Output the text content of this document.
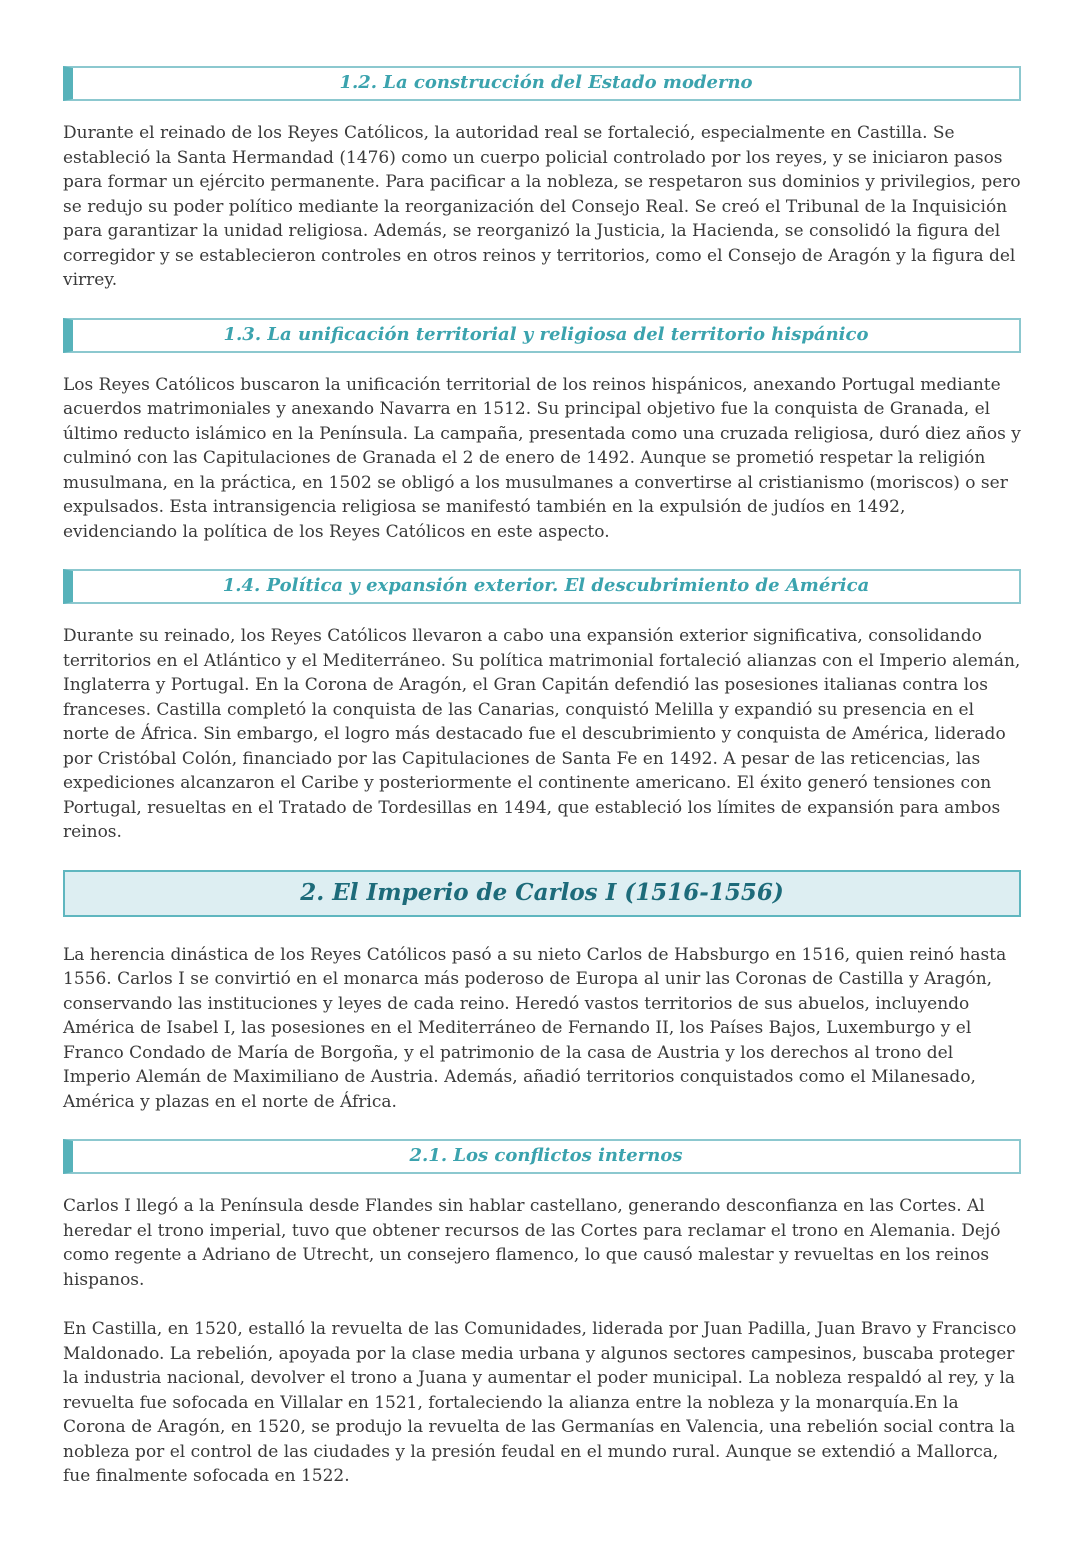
1.2. La construcción del Estado moderno

Durante el reinado de los Reyes Católicos, la autoridad real se fortaleció, especialmente en Castilla. Se estableció la Santa Hermandad (1476) como un cuerpo policial controlado por los reyes, y se iniciaron pasos para formar un ejército permanente. Para pacificar a la nobleza, se respetaron sus dominios y privilegios, pero se redujo su poder político mediante la reorganización del Consejo Real. Se creó el Tribunal de la Inquisición para garantizar la unidad religiosa. Además, se reorganizó la Justicia, la Hacienda, se consolidó la figura del corregidor y se establecieron controles en otros reinos y territorios, como el Consejo de Aragón y la figura del virrey.

1.3. La unificación territorial y religiosa del territorio hispánico

Los Reyes Católicos buscaron la unificación territorial de los reinos hispánicos, anexando Portugal mediante acuerdos matrimoniales y anexando Navarra en 1512. Su principal objetivo fue la conquista de Granada, el último reducto islámico en la Península. La campaña, presentada como una cruzada religiosa, duró diez años y culminó con las Capitulaciones de Granada el 2 de enero de 1492. Aunque se prometió respetar la religión musulmana, en la práctica, en 1502 se obligó a los musulmanes a convertirse al cristianismo (moriscos) o ser expulsados. Esta intransigencia religiosa se manifestó también en la expulsión de judíos en 1492, evidenciando la política de los Reyes Católicos en este aspecto.

1.4. Política y expansión exterior. El descubrimiento de América

Durante su reinado, los Reyes Católicos llevaron a cabo una expansión exterior significativa, consolidando territorios en el Atlántico y el Mediterráneo. Su política matrimonial fortaleció alianzas con el Imperio alemán, Inglaterra y Portugal. En la Corona de Aragón, el Gran Capitán defendió las posesiones italianas contra los franceses. Castilla completó la conquista de las Canarias, conquistó Melilla y expandió su presencia en el norte de África. Sin embargo, el logro más destacado fue el descubrimiento y conquista de América, liderado por Cristóbal Colón, financiado por las Capitulaciones de Santa Fe en 1492. A pesar de las reticencias, las expediciones alcanzaron el Caribe y posteriormente el continente americano. El éxito generó tensiones con Portugal, resueltas en el Tratado de Tordesillas en 1494, que estableció los límites de expansión para ambos reinos.

2. El Imperio de Carlos I (1516-1556)

La herencia dinástica de los Reyes Católicos pasó a su nieto Carlos de Habsburgo en 1516, quien reinó hasta 1556. Carlos I se convirtió en el monarca más poderoso de Europa al unir las Coronas de Castilla y Aragón, conservando las instituciones y leyes de cada reino. Heredó vastos territorios de sus abuelos, incluyendo América de Isabel I, las posesiones en el Mediterráneo de Fernando II, los Países Bajos, Luxemburgo y el Franco Condado de María de Borgoña, y el patrimonio de la casa de Austria y los derechos al trono del Imperio Alemán de Maximiliano de Austria. Además, añadió territorios conquistados como el Milanesado, América y plazas en el norte de África.

2.1. Los conflictos internos

Carlos I llegó a la Península desde Flandes sin hablar castellano, generando desconfianza en las Cortes. Al heredar el trono imperial, tuvo que obtener recursos de las Cortes para reclamar el trono en Alemania. Dejó como regente a Adriano de Utrecht, un consejero flamenco, lo que causó malestar y revueltas en los reinos hispanos.

En Castilla, en 1520, estalló la revuelta de las Comunidades, liderada por Juan Padilla, Juan Bravo y Francisco Maldonado. La rebelión, apoyada por la clase media urbana y algunos sectores campesinos, buscaba proteger la industria nacional, devolver el trono a Juana y aumentar el poder municipal. La nobleza respaldó al rey, y la revuelta fue sofocada en Villalar en 1521, fortaleciendo la alianza entre la nobleza y la monarquía.En la Corona de Aragón, en 1520, se produjo la revuelta de las Germanías en Valencia, una rebelión social contra la nobleza por el control de las ciudades y la presión feudal en el mundo rural. Aunque se extendió a Mallorca, fue finalmente sofocada en 1522.
